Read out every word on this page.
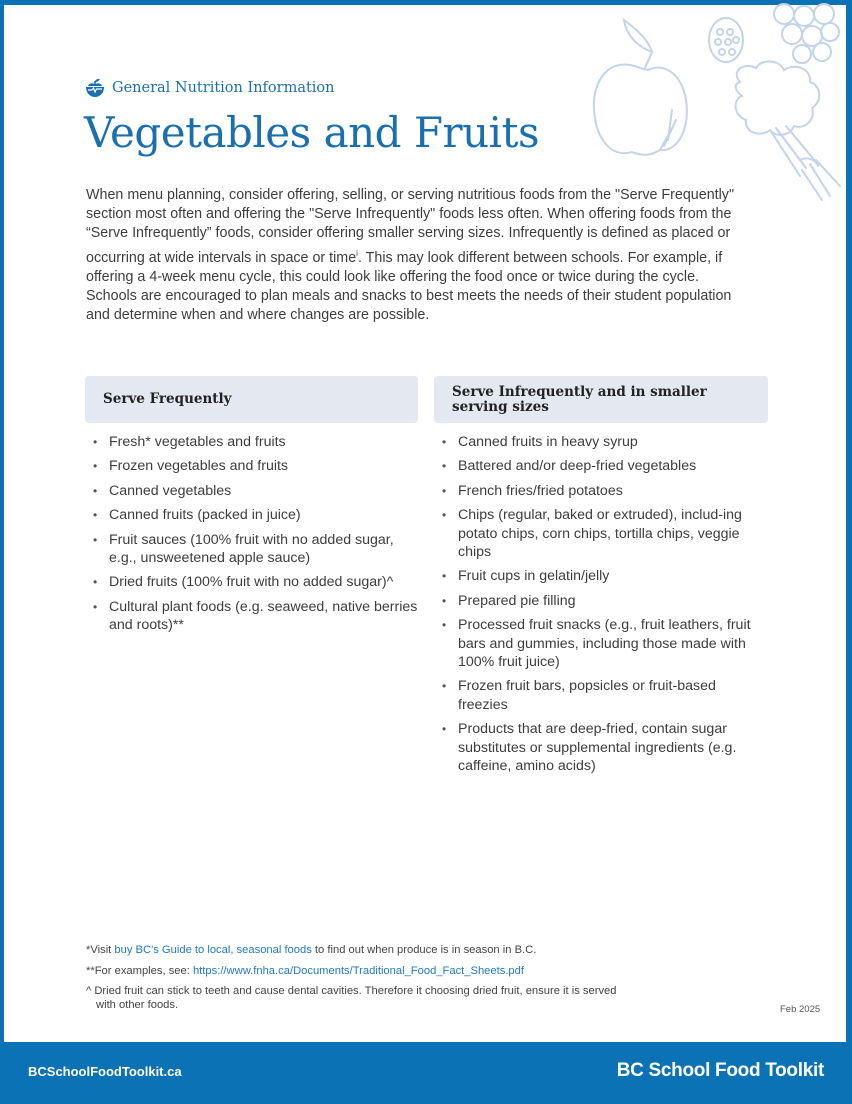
General Nutrition Information
Vegetables and Fruits

When menu planning, consider offering, selling, or serving nutritious foods from the "Serve Frequently" section most often and offering the "Serve Infrequently" foods less often. When offering foods from the “Serve Infrequently” foods, consider offering smaller serving sizes. Infrequently is defined as placed or occurring at wide intervals in space or time$^i$. This may look different between schools. For example, if offering a 4-week menu cycle, this could look like offering the food once or twice during the cycle. Schools are encouraged to plan meals and snacks to best meets the needs of their student population and determine when and where changes are possible.

Serve Frequently
• Fresh* vegetables and fruits
• Frozen vegetables and fruits
• Canned vegetables
• Canned fruits (packed in juice)
• Fruit sauces (100% fruit with no added sugar, e.g., unsweetened apple sauce)
• Dried fruits (100% fruit with no added sugar)^
• Cultural plant foods (e.g. seaweed, native berries and roots)**
Serve Infrequently and in smaller serving sizes
• Canned fruits in heavy syrup
• Battered and/or deep-fried vegetables
• French fries/fried potatoes
• Chips (regular, baked or extruded), includ-ing potato chips, corn chips, tortilla chips, veggie chips
• Fruit cups in gelatin/jelly
• Prepared pie filling
• Processed fruit snacks (e.g., fruit leathers, fruit bars and gummies, including those made with 100% fruit juice)
• Frozen fruit bars, popsicles or fruit-based freezies
• Products that are deep-fried, contain sugar substitutes or supplemental ingredients (e.g. caffeine, amino acids)

*Visit buy BC's Guide to local, seasonal foods to find out when produce is in season in B.C.

**For examples, see: https://www.fnha.ca/Documents/Traditional_Food_Fact_Sheets.pdf

^ Dried fruit can stick to teeth and cause dental cavities. Therefore it choosing dried fruit, ensure it is served

with other foods.	Feb 2025
BCSchoolFoodToolkit.ca	BC School Food Toolkit
